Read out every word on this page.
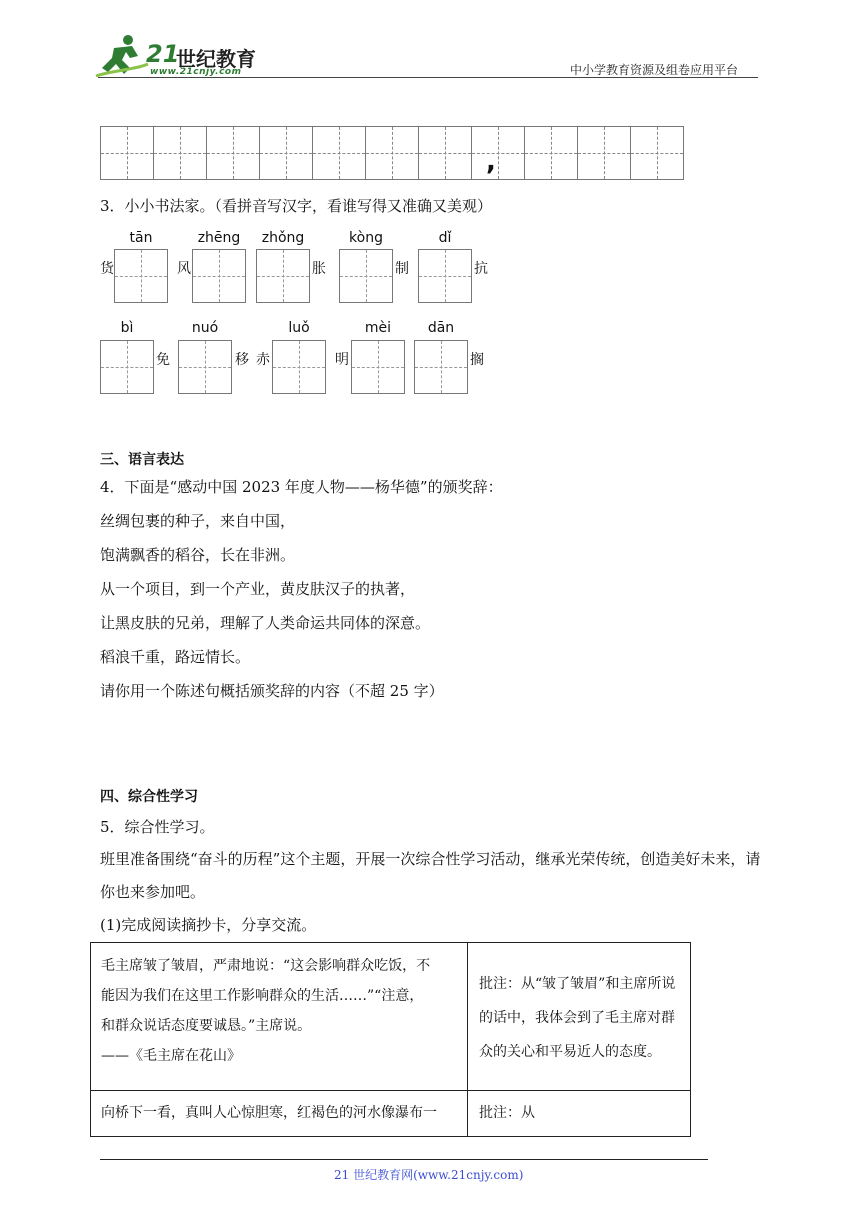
21
世纪教育
www.21cnjy.com	中小学教育资源及组卷应用平台
,
3．小小书法家。（看拼音写汉字，看谁写得又准确又美观）
tān	zhēng	zhǒng	kòng	dǐ
货	风	胀	制	抗
bì	nuó	luǒ	mèi	dān
免	移 赤	明	搁
三、语言表达
4．下面是“感动中国 2023 年度人物——杨华德”的颁奖辞：
丝绸包裹的种子，来自中国，
饱满飘香的稻谷，长在非洲。
从一个项目，到一个产业，黄皮肤汉子的执著，
让黑皮肤的兄弟，理解了人类命运共同体的深意。
稻浪千重，路远情长。
请你用一个陈述句概括颁奖辞的内容（不超 25 字）
四、综合性学习
5．综合性学习。
班里准备围绕“奋斗的历程”这个主题，开展一次综合性学习活动，继承光荣传统，创造美好未来，请
你也来参加吧。
(1)完成阅读摘抄卡，分享交流。
毛主席皱了皱眉，严肃地说：“这会影响群众吃饭，不
能因为我们在这里工作影响群众的生活……”“注意，
和群众说话态度要诚恳。”主席说。
——《毛主席在花山》
批注：从“皱了皱眉”和主席所说
的话中，我体会到了毛主席对群
众的关心和平易近人的态度。
向桥下一看，真叫人心惊胆寒，红褐色的河水像瀑布一	批注：从
21 世纪教育网(www.21cnjy.com)
